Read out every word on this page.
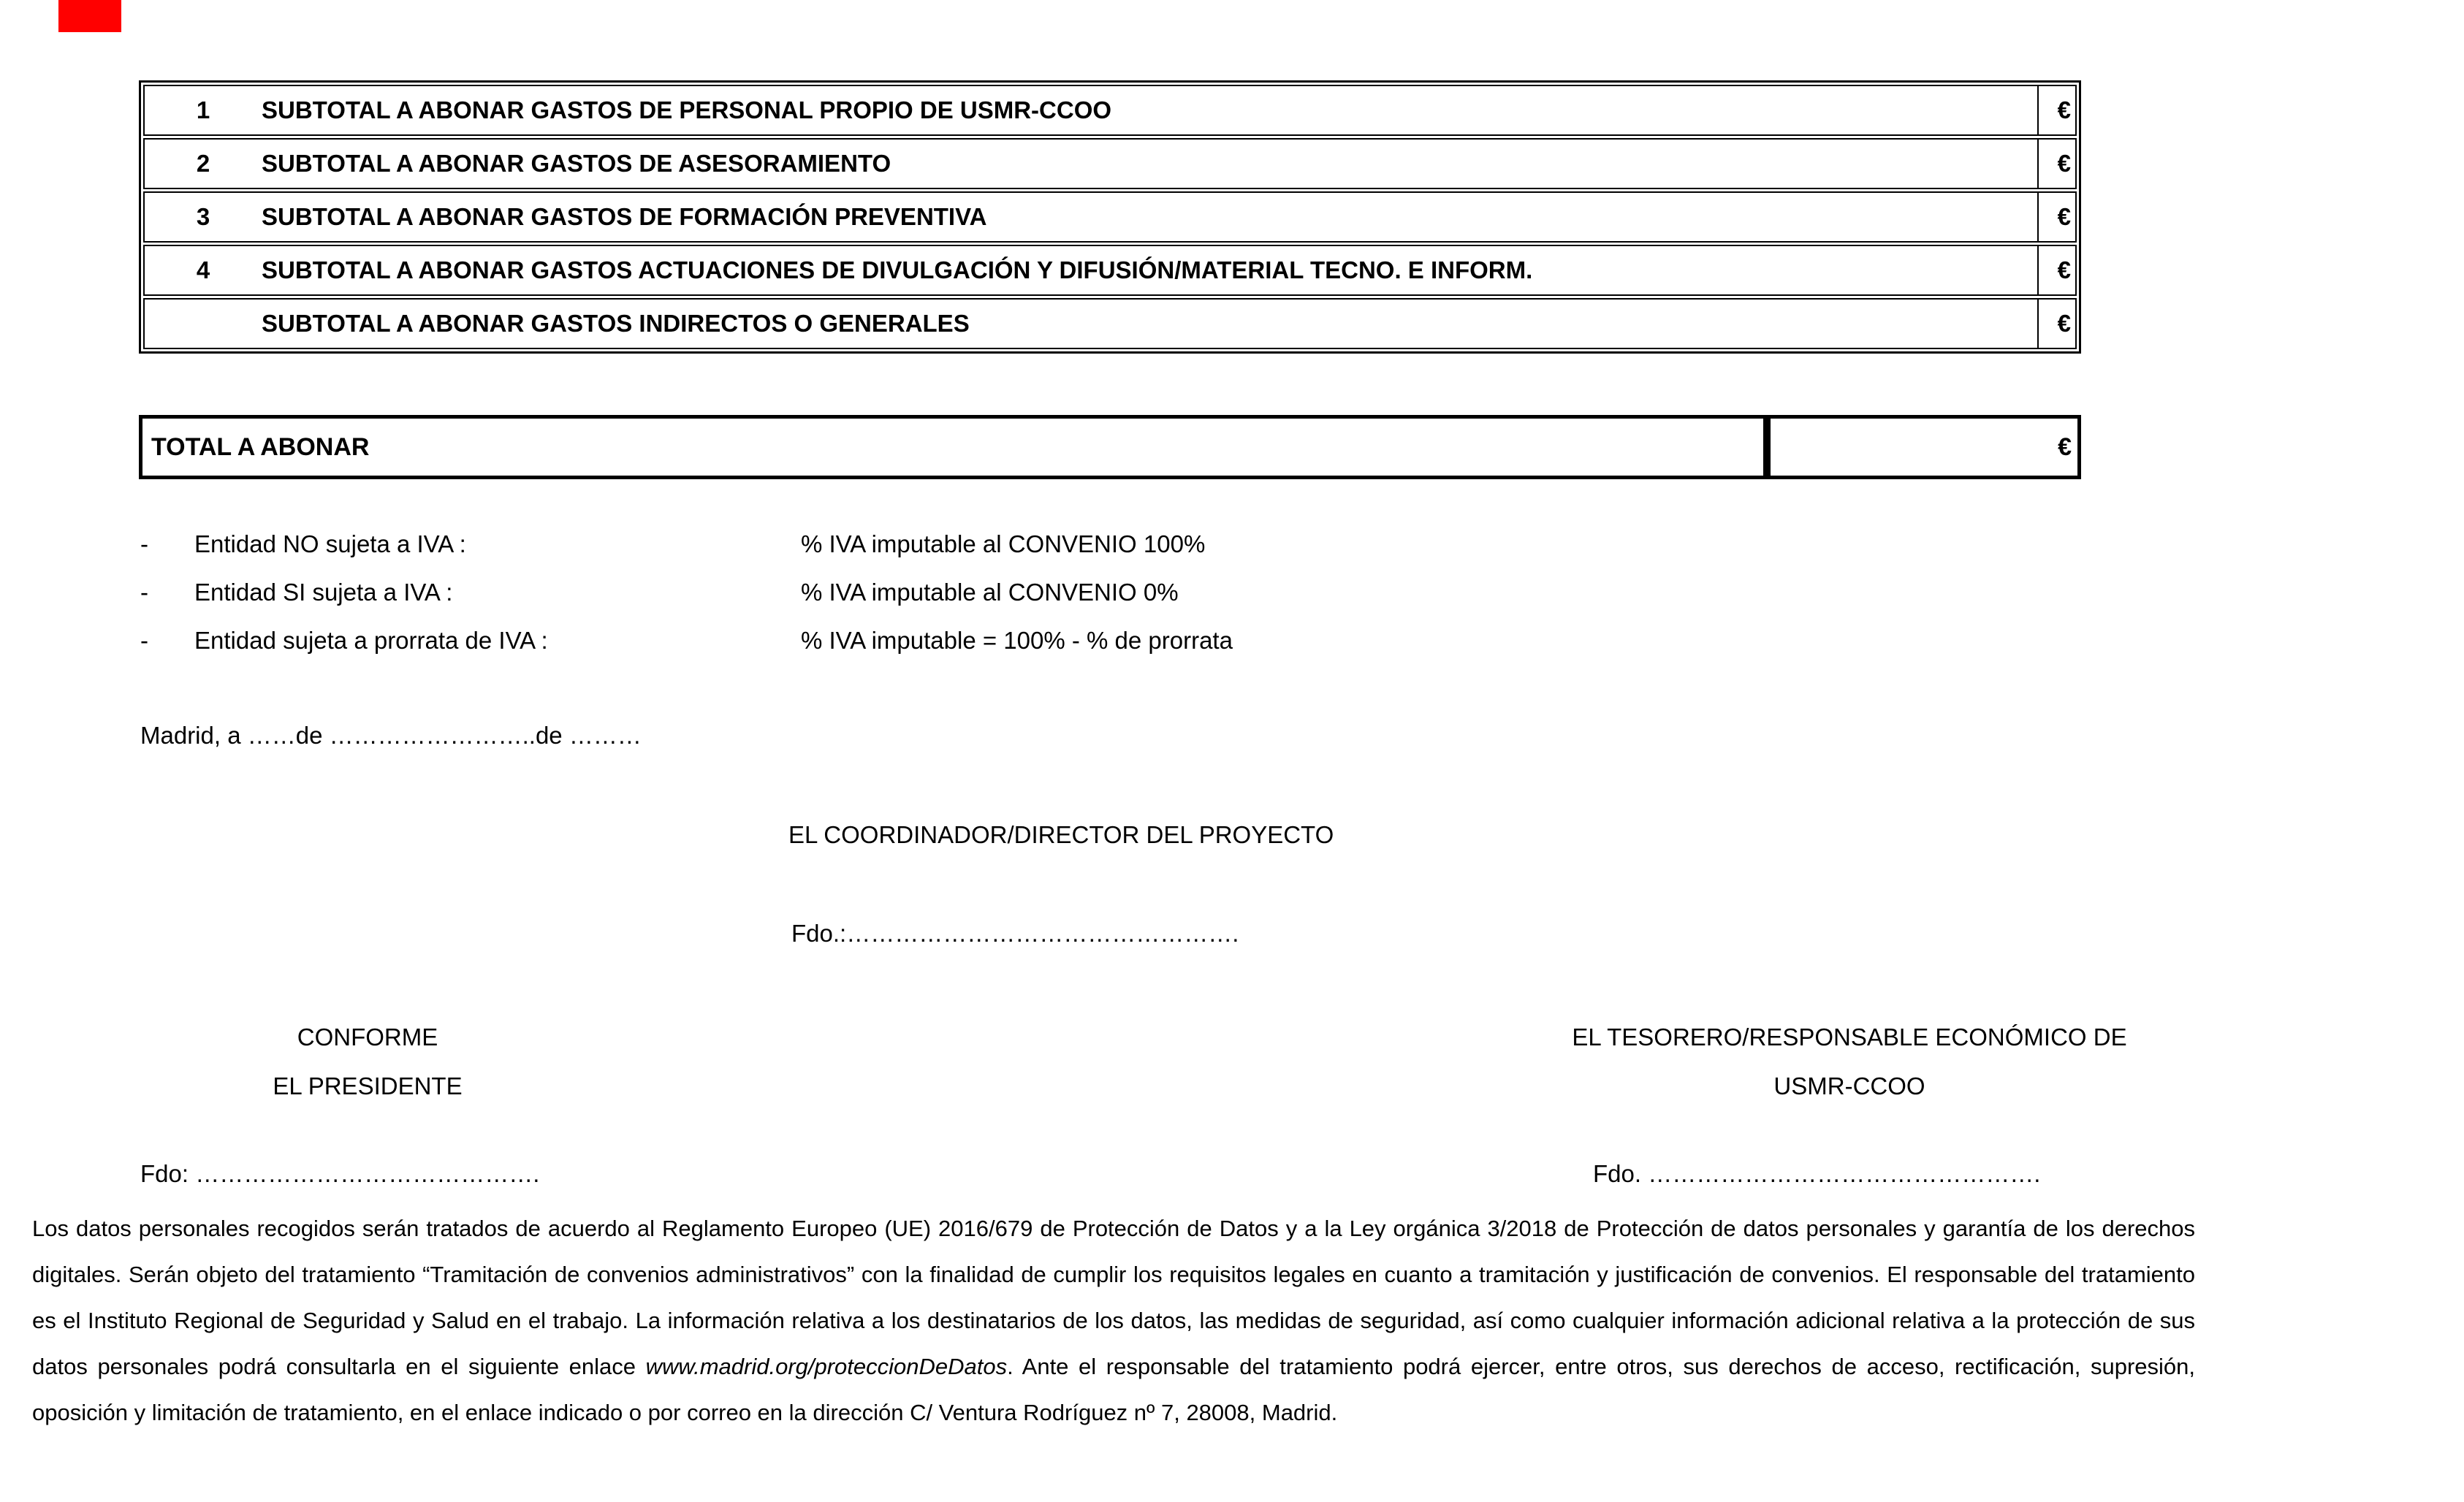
1	SUBTOTAL A ABONAR GASTOS DE PERSONAL PROPIO DE USMR-CCOO	€
2	SUBTOTAL A ABONAR GASTOS DE ASESORAMIENTO	€
3	SUBTOTAL A ABONAR GASTOS DE FORMACIÓN PREVENTIVA	€
4	SUBTOTAL A ABONAR GASTOS ACTUACIONES DE DIVULGACIÓN Y DIFUSIÓN/MATERIAL TECNO. E INFORM.	€
SUBTOTAL A ABONAR GASTOS INDIRECTOS O GENERALES	€
TOTAL A ABONAR	€
-	Entidad NO sujeta a IVA :	% IVA imputable al CONVENIO 100%
-	Entidad SI sujeta a IVA :	% IVA imputable al CONVENIO 0%
-	Entidad sujeta a prorrata de IVA :	% IVA imputable = 100% - % de prorrata
Madrid, a ……de ……………………..de ………
EL COORDINADOR/DIRECTOR DEL PROYECTO
Fdo.:………………………………………….
CONFORME
EL PRESIDENTE
EL TESORERO/RESPONSABLE ECONÓMICO DE
USMR-CCOO
Fdo: …………………………………….	Fdo. ………………………………………….

Los datos personales recogidos serán tratados de acuerdo al Reglamento Europeo (UE) 2016/679 de Protección de Datos y a la Ley orgánica 3/2018 de Protección de datos personales y garantía de los derechos digitales. Serán objeto del tratamiento “Tramitación de convenios administrativos” con la finalidad de cumplir los requisitos legales en cuanto a tramitación y justificación de convenios. El responsable del tratamiento es el Instituto Regional de Seguridad y Salud en el trabajo. La información relativa a los destinatarios de los datos, las medidas de seguridad, así como cualquier información adicional relativa a la protección de sus datos personales podrá consultarla en el siguiente enlace www.madrid.org/proteccionDeDatos. Ante el responsable del tratamiento podrá ejercer, entre otros, sus derechos de acceso, rectificación, supresión, oposición y limitación de tratamiento, en el enlace indicado o por correo en la dirección C/ Ventura Rodríguez nº 7, 28008, Madrid.
